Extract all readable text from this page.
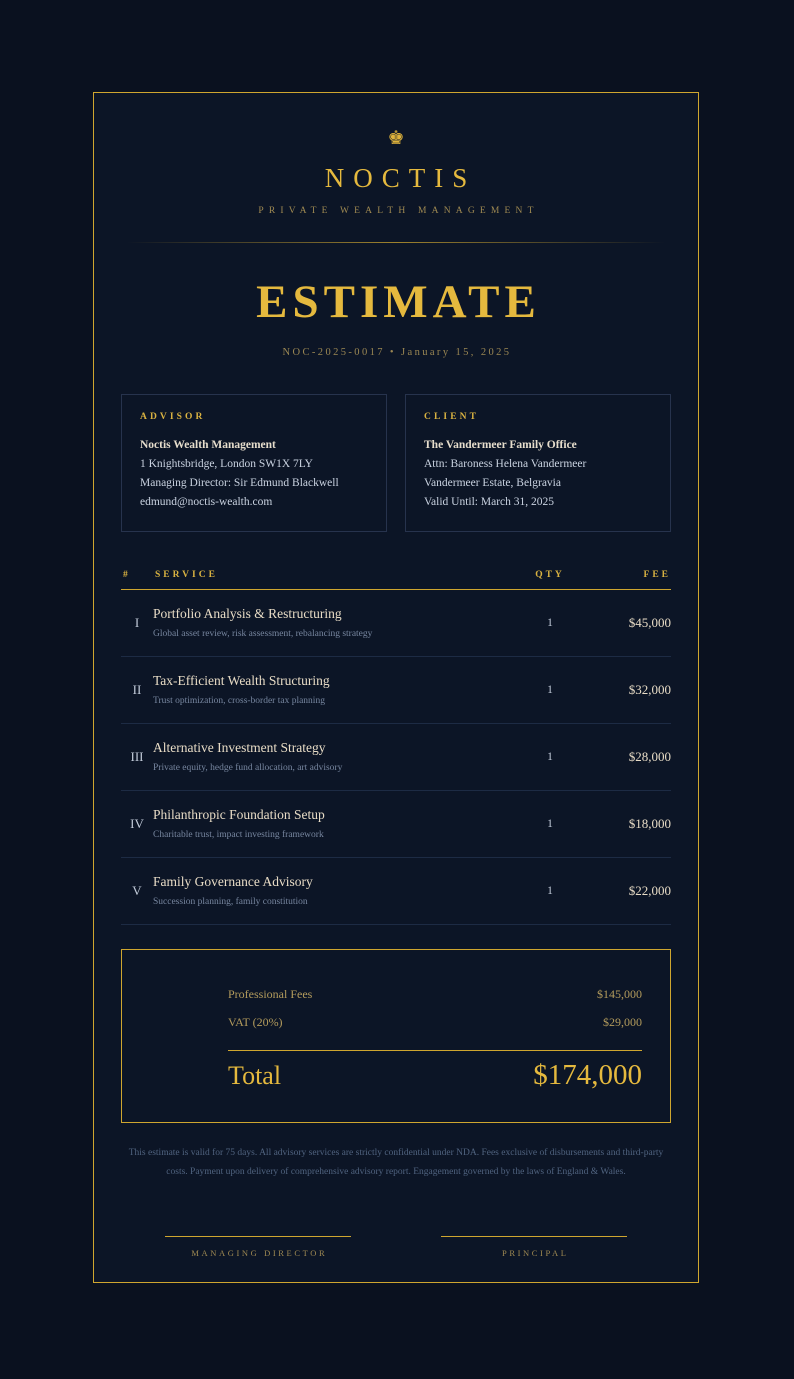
♚
NOCTIS
PRIVATE WEALTH MANAGEMENT
ESTIMATE
NOC-2025-0017 • January 15, 2025
ADVISOR
Noctis Wealth Management
1 Knightsbridge, London SW1X 7LY
Managing Director: Sir Edmund Blackwell
edmund@noctis-wealth.com
CLIENT
The Vandermeer Family Office
Attn: Baroness Helena Vandermeer
Vandermeer Estate, Belgravia
Valid Until: March 31, 2025
#	SERVICE	QTY	FEE
I
Portfolio Analysis & Restructuring
Global asset review, risk assessment, rebalancing strategy
1	$45,000
II
Tax-Efficient Wealth Structuring
Trust optimization, cross-border tax planning
1	$32,000
III
Alternative Investment Strategy
Private equity, hedge fund allocation, art advisory
1	$28,000
IV
Philanthropic Foundation Setup
Charitable trust, impact investing framework
1	$18,000
V
Family Governance Advisory
Succession planning, family constitution
1	$22,000
Professional Fees	$145,000
VAT (20%)	$29,000
Total	$174,000
This estimate is valid for 75 days. All advisory services are strictly confidential under NDA. Fees exclusive of disbursements and third-party costs. Payment upon delivery of comprehensive advisory report. Engagement governed by the laws of England & Wales.
MANAGING DIRECTOR	PRINCIPAL
